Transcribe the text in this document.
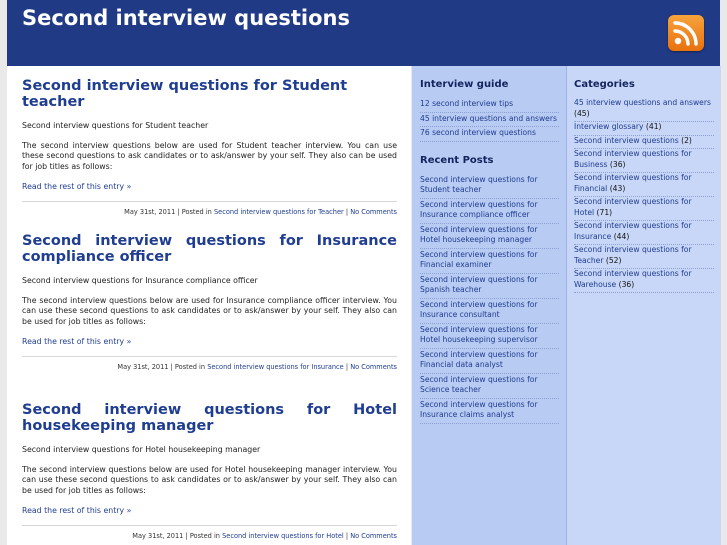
Second interview questions
Second interview questions for Student teacher

Second interview questions for Student teacher

The second interview questions below are used for Student teacher interview. You can use these second questions to ask candidates or to ask/answer by your self. They also can be used for job titles as follows:

Read the rest of this entry »
May 31st, 2011 | Posted in Second interview questions for Teacher | No Comments
Second interview questions for Insurance compliance officer

Second interview questions for Insurance compliance officer

The second interview questions below are used for Insurance compliance officer interview. You can use these second questions to ask candidates or to ask/answer by your self. They also can be used for job titles as follows:

Read the rest of this entry »
May 31st, 2011 | Posted in Second interview questions for Insurance | No Comments
Second interview questions for Hotel housekeeping manager

Second interview questions for Hotel housekeeping manager

The second interview questions below are used for Hotel housekeeping manager interview. You can use these second questions to ask candidates or to ask/answer by your self. They also can be used for job titles as follows:

Read the rest of this entry »
May 31st, 2011 | Posted in Second interview questions for Hotel | No Comments
Interview guide
12 second interview tips
45 interview questions and answers
76 second interview questions
Recent Posts
Second interview questions for Student teacher
Second interview questions for Insurance compliance officer
Second interview questions for Hotel housekeeping manager
Second interview questions for Financial examiner
Second interview questions for Spanish teacher
Second interview questions for Insurance consultant
Second interview questions for Hotel housekeeping supervisor
Second interview questions for Financial data analyst
Second interview questions for Science teacher
Second interview questions for Insurance claims analyst
Categories
45 interview questions and answers (45)
Interview glossary (41)
Second interview questions (2)
Second interview questions for Business (36)
Second interview questions for Financial (43)
Second interview questions for Hotel (71)
Second interview questions for Insurance (44)
Second interview questions for Teacher (52)
Second interview questions for Warehouse (36)
